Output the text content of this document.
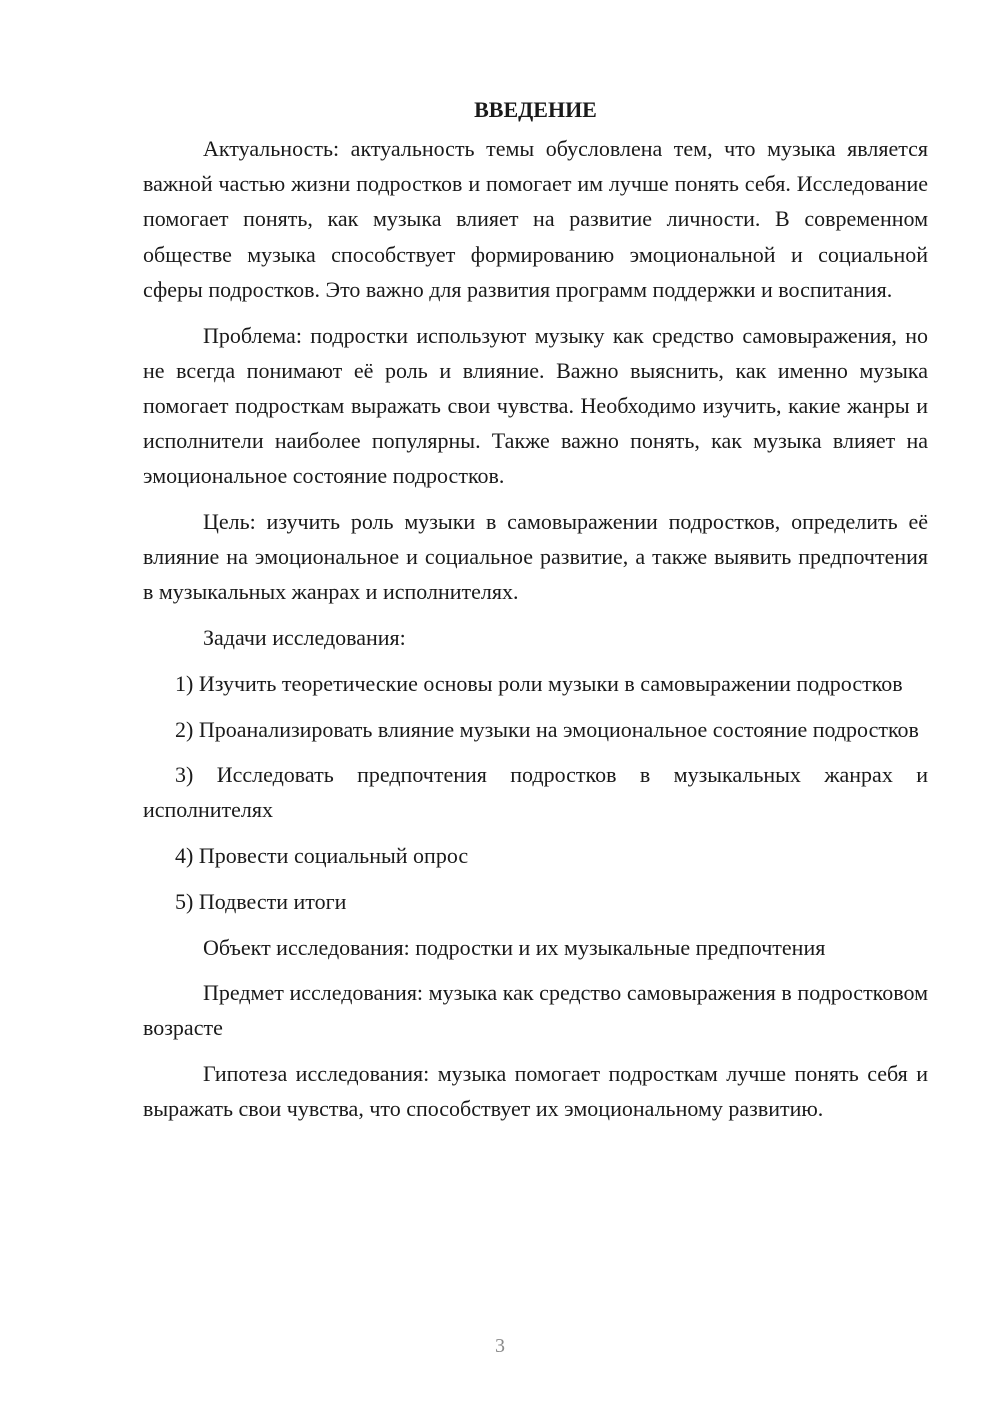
ВВЕДЕНИЕ

Актуальность: актуальность темы обусловлена тем, что музыка является важной частью жизни подростков и помогает им лучше понять себя. Исследование помогает понять, как музыка влияет на развитие личности. В современном обществе музыка способствует формированию эмоциональной и социальной сферы подростков. Это важно для развития программ поддержки и воспитания.

Проблема: подростки используют музыку как средство самовыражения, но не всегда понимают её роль и влияние. Важно выяснить, как именно музыка помогает подросткам выражать свои чувства. Необходимо изучить, какие жанры и исполнители наиболее популярны. Также важно понять, как музыка влияет на эмоциональное состояние подростков.

Цель: изучить роль музыки в самовыражении подростков, определить её влияние на эмоциональное и социальное развитие, а также выявить предпочтения в музыкальных жанрах и исполнителях.

Задачи исследования:

1) Изучить теоретические основы роли музыки в самовыражении подростков

2) Проанализировать влияние музыки на эмоциональное состояние подростков

3) Исследовать предпочтения подростков в музыкальных жанрах и исполнителях

4) Провести социальный опрос

5) Подвести итоги

Объект исследования: подростки и их музыкальные предпочтения

Предмет исследования: музыка как средство самовыражения в подростковом возрасте

Гипотеза исследования: музыка помогает подросткам лучше понять себя и выражать свои чувства, что способствует их эмоциональному развитию.

3
